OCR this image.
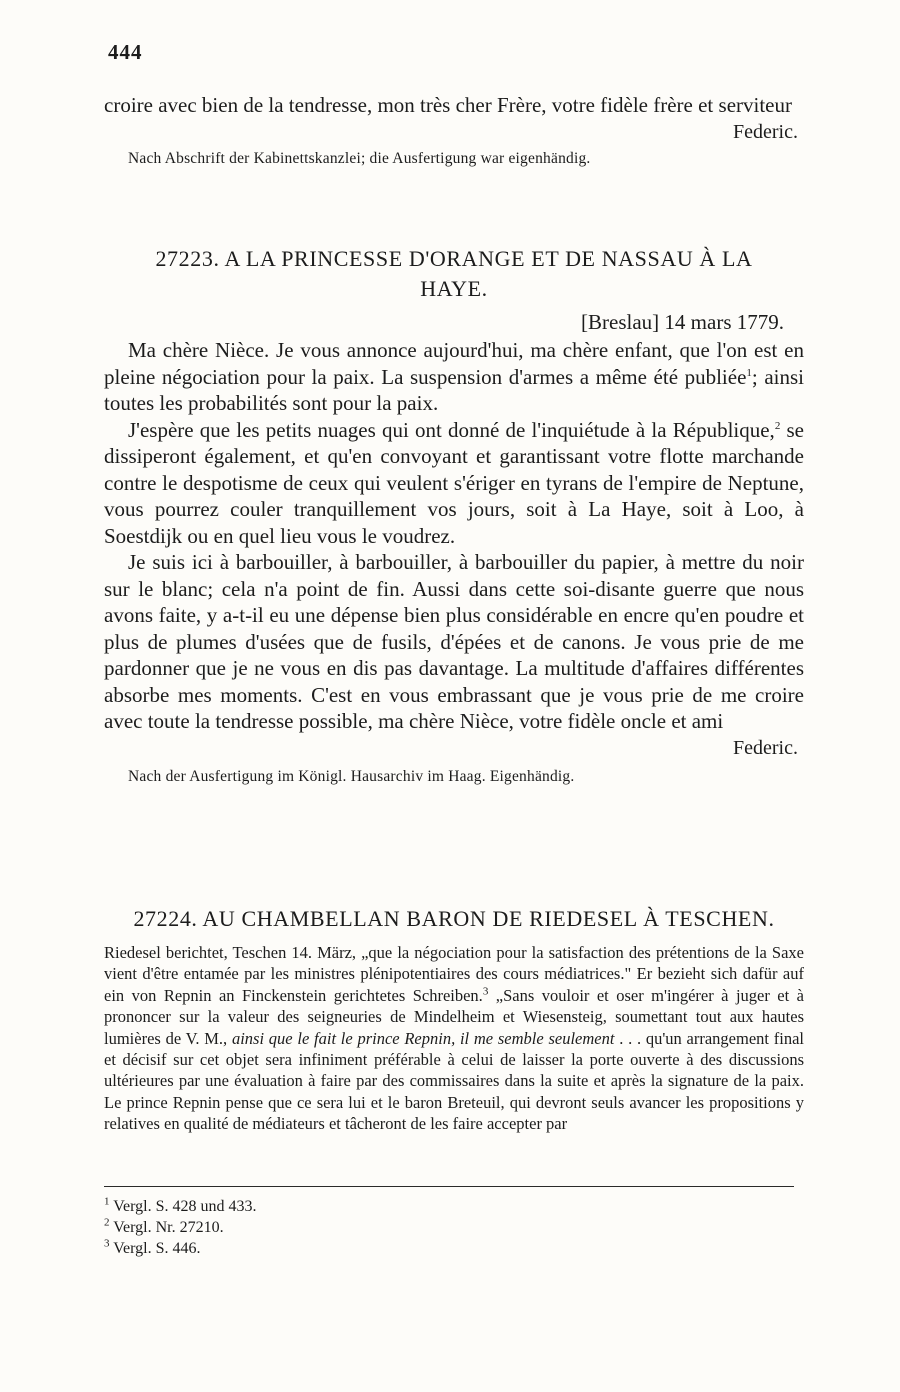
444

croire avec bien de la tendresse, mon très cher Frère, votre fidèle frère et serviteur

Federic.

Nach Abschrift der Kabinettskanzlei; die Ausfertigung war eigenhändig.

27223. A LA PRINCESSE D'ORANGE ET DE NASSAU À LA HAYE.

[Breslau] 14 mars 1779.

Ma chère Nièce. Je vous annonce aujourd'hui, ma chère enfant, que l'on est en pleine négociation pour la paix. La suspension d'armes a même été publiée$^1$; ainsi toutes les probabilités sont pour la paix.

J'espère que les petits nuages qui ont donné de l'inquiétude à la République,$^2$ se dissiperont également, et qu'en convoyant et garantissant votre flotte marchande contre le despotisme de ceux qui veulent s'ériger en tyrans de l'empire de Neptune, vous pourrez couler tranquillement vos jours, soit à La Haye, soit à Loo, à Soestdijk ou en quel lieu vous le voudrez.

Je suis ici à barbouiller, à barbouiller, à barbouiller du papier, à mettre du noir sur le blanc; cela n'a point de fin. Aussi dans cette soi-disante guerre que nous avons faite, y a-t-il eu une dépense bien plus considérable en encre qu'en poudre et plus de plumes d'usées que de fusils, d'épées et de canons. Je vous prie de me pardonner que je ne vous en dis pas davantage. La multitude d'affaires différentes absorbe mes moments. C'est en vous embrassant que je vous prie de me croire avec toute la tendresse possible, ma chère Nièce, votre fidèle oncle et ami

Federic.

Nach der Ausfertigung im Königl. Hausarchiv im Haag. Eigenhändig.

27224. AU CHAMBELLAN BARON DE RIEDESEL À TESCHEN.

Riedesel berichtet, Teschen 14. März, „que la négociation pour la satisfaction des prétentions de la Saxe vient d'être entamée par les ministres plénipotentiaires des cours médiatrices." Er bezieht sich dafür auf ein von Repnin an Finckenstein gerichtetes Schreiben.$^3$ „Sans vouloir et oser m'ingérer à juger et à prononcer sur la valeur des seigneuries de Mindelheim et Wiesensteig, soumettant tout aux hautes lumières de V. M., ainsi que le fait le prince Repnin, il me semble seulement . . . qu'un arrangement final et décisif sur cet objet sera infiniment préférable à celui de laisser la porte ouverte à des discussions ultérieures par une évaluation à faire par des commissaires dans la suite et après la signature de la paix. Le prince Repnin pense que ce sera lui et le baron Breteuil, qui devront seuls avancer les propositions y relatives en qualité de médiateurs et tâcheront de les faire accepter par

$^1$ Vergl. S. 428 und 433.

$^2$ Vergl. Nr. 27210.

$^3$ Vergl. S. 446.
